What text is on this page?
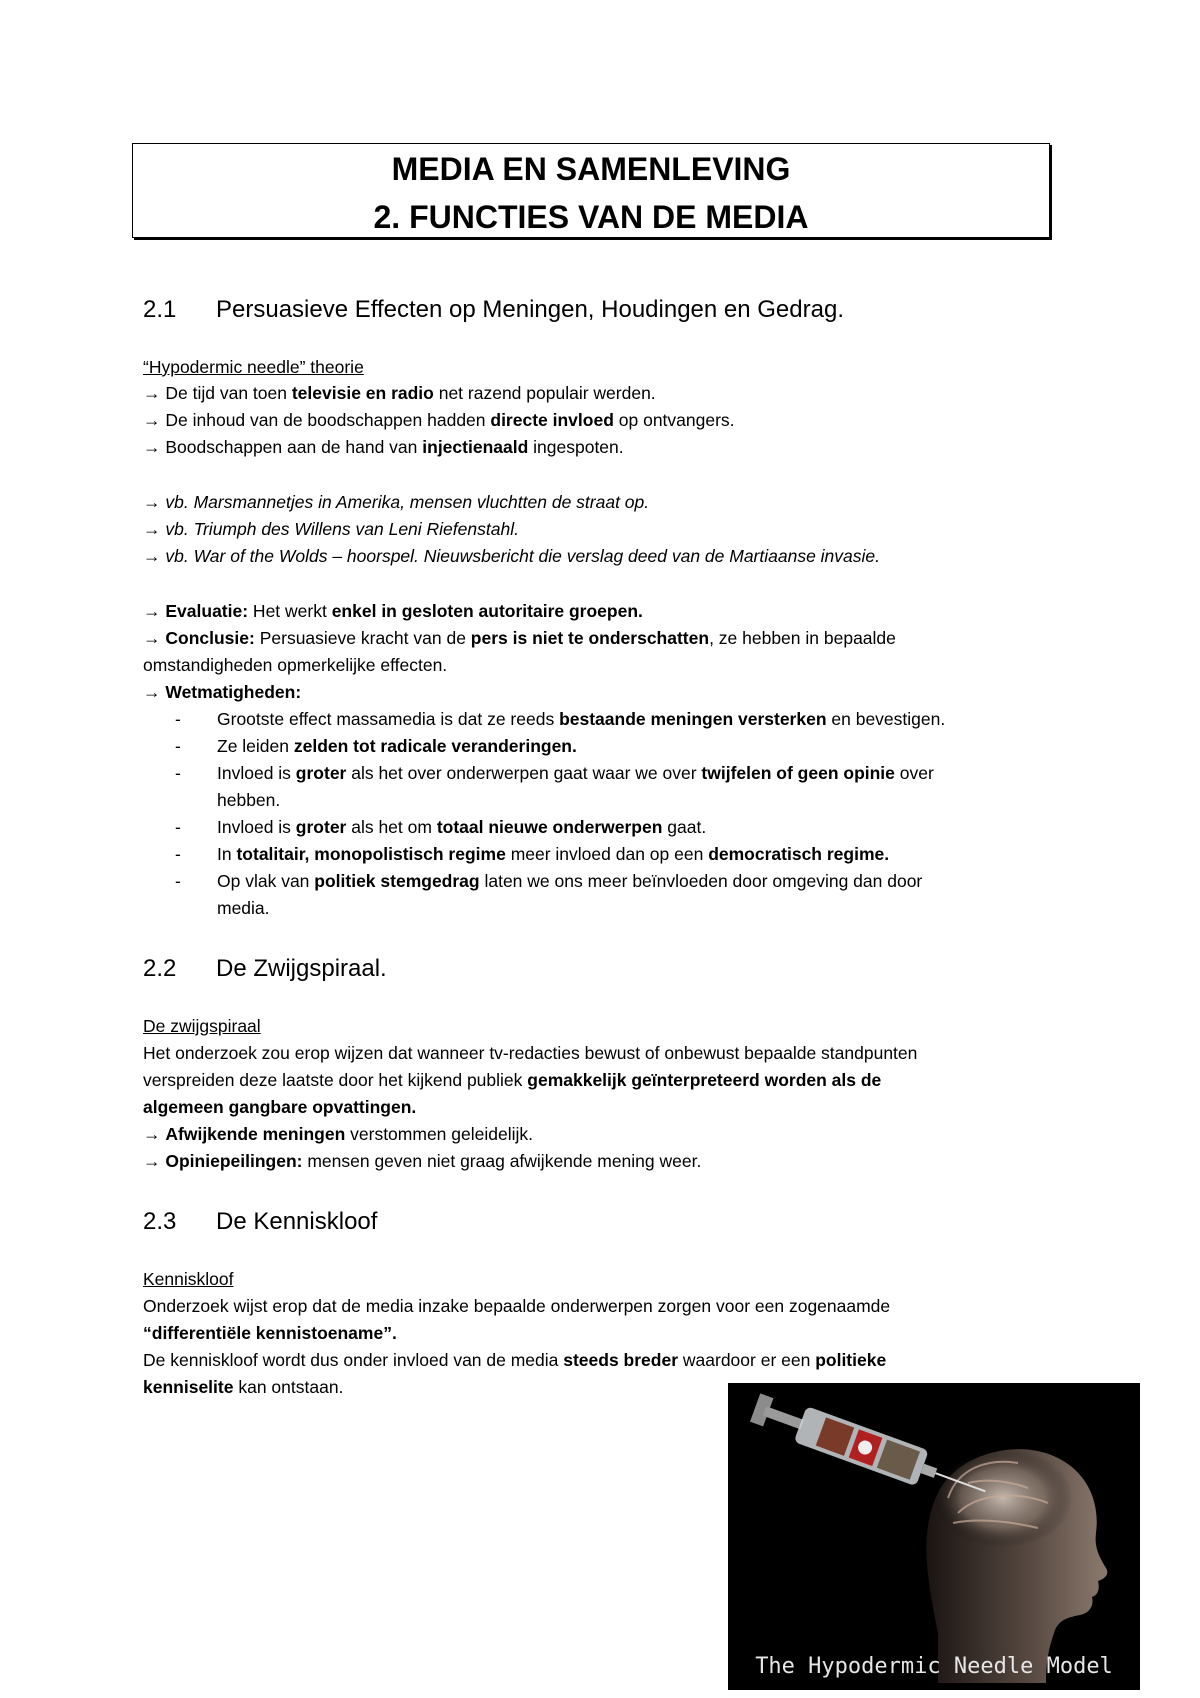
MEDIA EN SAMENLEVING
2. FUNCTIES VAN DE MEDIA
2.1 Persuasieve Effecten op Meningen, Houdingen en Gedrag.
“Hypodermic needle” theorie
→ De tijd van toen televisie en radio net razend populair werden.
→ De inhoud van de boodschappen hadden directe invloed op ontvangers.
→ Boodschappen aan de hand van injectienaald ingespoten.
→ vb. Marsmannetjes in Amerika, mensen vluchtten de straat op.
→ vb. Triumph des Willens van Leni Riefenstahl.
→ vb. War of the Wolds – hoorspel. Nieuwsbericht die verslag deed van de Martiaanse invasie.
→ Evaluatie: Het werkt enkel in gesloten autoritaire groepen.
→ Conclusie: Persuasieve kracht van de pers is niet te onderschatten, ze hebben in bepaalde
omstandigheden opmerkelijke effecten.
→ Wetmatigheden:
- Grootste effect massamedia is dat ze reeds bestaande meningen versterken en bevestigen.
- Ze leiden zelden tot radicale veranderingen.
- Invloed is groter als het over onderwerpen gaat waar we over twijfelen of geen opinie over
hebben.
- Invloed is groter als het om totaal nieuwe onderwerpen gaat.
- In totalitair, monopolistisch regime meer invloed dan op een democratisch regime.
- Op vlak van politiek stemgedrag laten we ons meer beïnvloeden door omgeving dan door
media.
2.2 De Zwijgspiraal.
De zwijgspiraal
Het onderzoek zou erop wijzen dat wanneer tv-redacties bewust of onbewust bepaalde standpunten
verspreiden deze laatste door het kijkend publiek gemakkelijk geïnterpreteerd worden als de
algemeen gangbare opvattingen.
→ Afwijkende meningen verstommen geleidelijk.
→ Opiniepeilingen: mensen geven niet graag afwijkende mening weer.
2.3 De Kenniskloof
Kenniskloof
Onderzoek wijst erop dat de media inzake bepaalde onderwerpen zorgen voor een zogenaamde
“differentiële kennistoename”.
De kenniskloof wordt dus onder invloed van de media steeds breder waardoor er een politieke
kenniselite kan ontstaan.
The Hypodermic Needle Model
